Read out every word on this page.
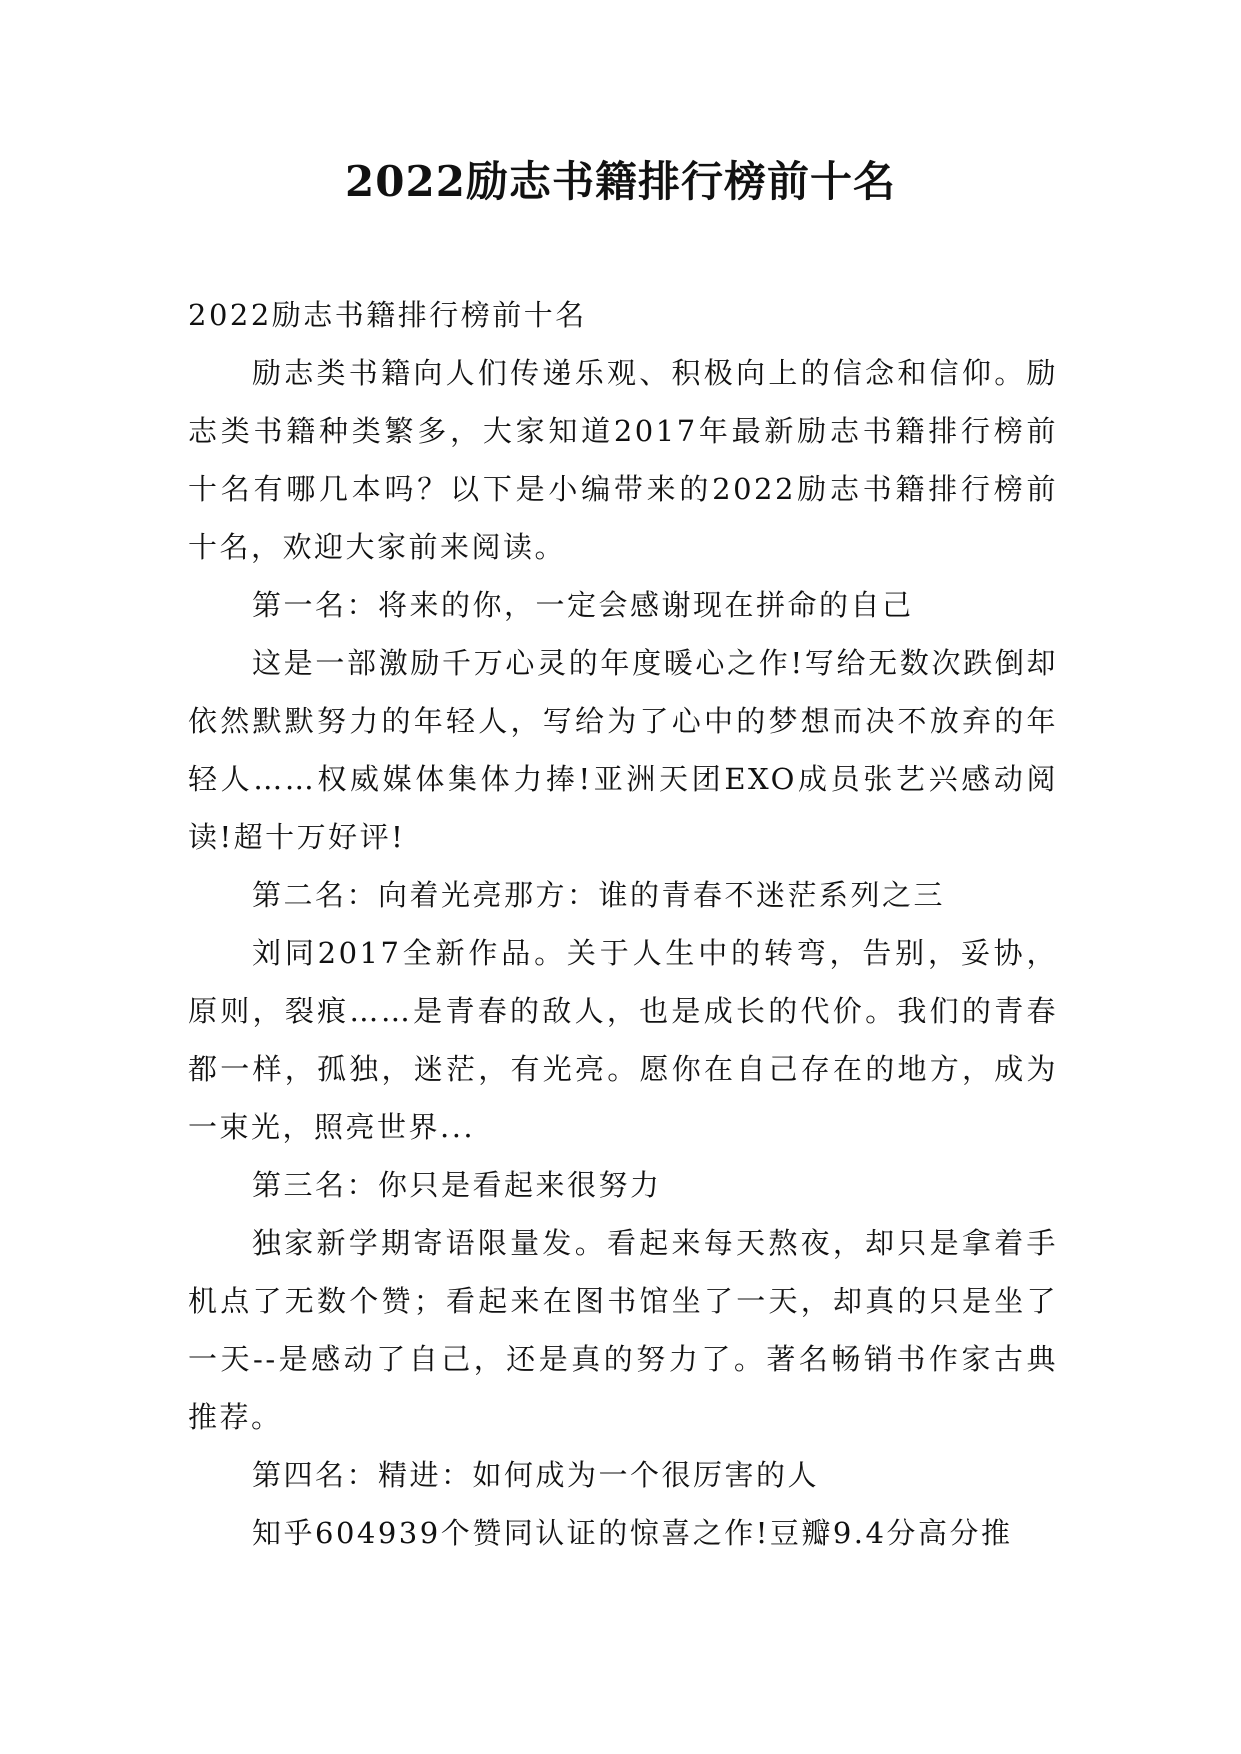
2022励志书籍排行榜前十名

2022励志书籍排行榜前十名

励志类书籍向人们传递乐观、积极向上的信念和信仰。励志类书籍种类繁多，大家知道2017年最新励志书籍排行榜前十名有哪几本吗？以下是小编带来的2022励志书籍排行榜前十名，欢迎大家前来阅读。

第一名：将来的你，一定会感谢现在拼命的自己

这是一部激励千万心灵的年度暖心之作!写给无数次跌倒却依然默默努力的年轻人，写给为了心中的梦想而决不放弃的年轻人……权威媒体集体力捧!亚洲天团EXO成员张艺兴感动阅读!超十万好评!

第二名：向着光亮那方：谁的青春不迷茫系列之三

刘同2017全新作品。关于人生中的转弯，告别，妥协，原则，裂痕……是青春的敌人，也是成长的代价。我们的青春都一样，孤独，迷茫，有光亮。愿你在自己存在的地方，成为一束光，照亮世界...

第三名：你只是看起来很努力

独家新学期寄语限量发。看起来每天熬夜，却只是拿着手机点了无数个赞；看起来在图书馆坐了一天，却真的只是坐了一天--是感动了自己，还是真的努力了。著名畅销书作家古典推荐。

第四名：精进：如何成为一个很厉害的人

知乎604939个赞同认证的惊喜之作!豆瓣9.4分高分推
